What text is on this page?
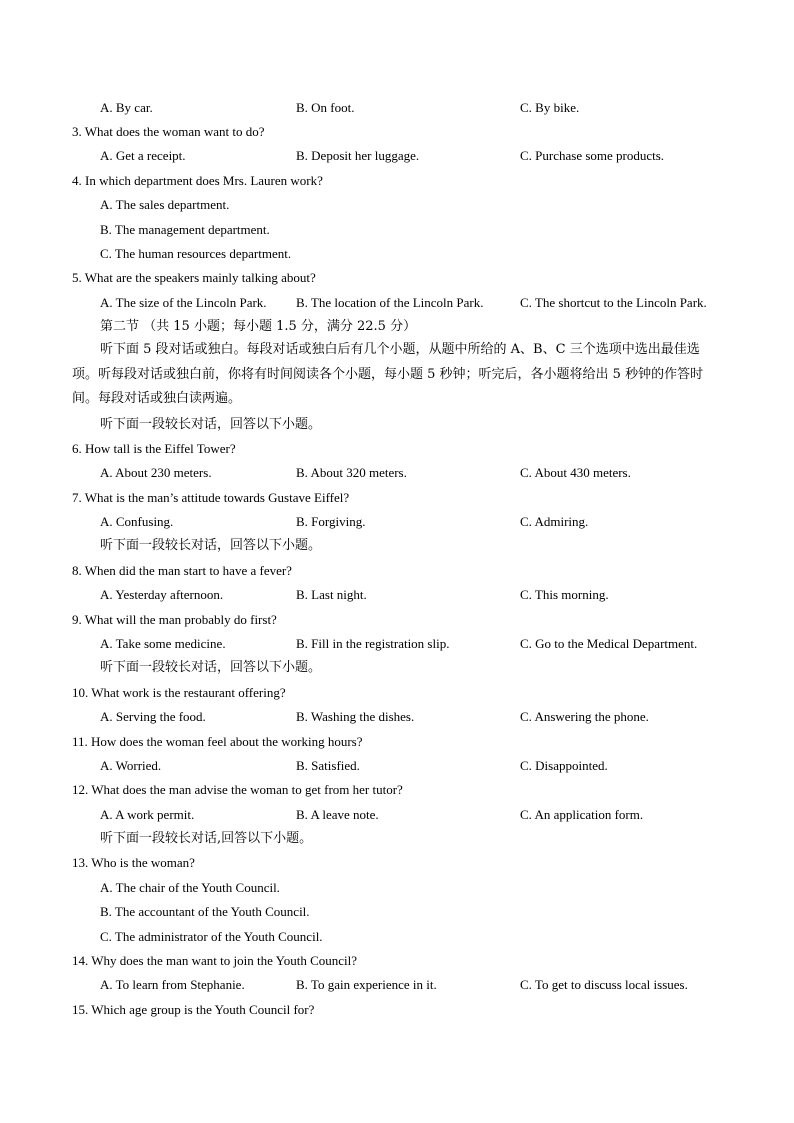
A. By car.	B. On foot.	C. By bike.
3. What does the woman want to do?
A. Get a receipt.	B. Deposit her luggage.	C. Purchase some products.
4. In which department does Mrs. Lauren work?
A. The sales department.
B. The management department.
C. The human resources department.
5. What are the speakers mainly talking about?
A. The size of the Lincoln Park. B. The location of the Lincoln Park.	C. The shortcut to the Lincoln Park.
第二节 （共 15 小题；每小题 1.5 分，满分 22.5 分）
听下面 5 段对话或独白。每段对话或独白后有几个小题，从题中所给的 A、B、C 三个选项中选出最佳选项。听每段对话或独白前，你将有时间阅读各个小题，每小题 5 秒钟；听完后，各小题将给出 5 秒钟的作答时间。每段对话或独白读两遍。
听下面一段较长对话，回答以下小题。
6. How tall is the Eiffel Tower?
A. About 230 meters.	B. About 320 meters.	C. About 430 meters.
7. What is the man’s attitude towards Gustave Eiffel?
A. Confusing.	B. Forgiving.	C. Admiring.
听下面一段较长对话，回答以下小题。
8. When did the man start to have a fever?
A. Yesterday afternoon.	B. Last night.	C. This morning.
9. What will the man probably do first?
A. Take some medicine.	B. Fill in the registration slip.	C. Go to the Medical Department.
听下面一段较长对话，回答以下小题。
10. What work is the restaurant offering?
A. Serving the food.	B. Washing the dishes.	C. Answering the phone.
11. How does the woman feel about the working hours?
A. Worried.	B. Satisfied.	C. Disappointed.
12. What does the man advise the woman to get from her tutor?
A. A work permit.	B. A leave note.	C. An application form.
听下面一段较长对话,回答以下小题。
13. Who is the woman?
A. The chair of the Youth Council.
B. The accountant of the Youth Council.
C. The administrator of the Youth Council.
14. Why does the man want to join the Youth Council?
A. To learn from Stephanie.	B. To gain experience in it.	C. To get to discuss local issues.
15. Which age group is the Youth Council for?
